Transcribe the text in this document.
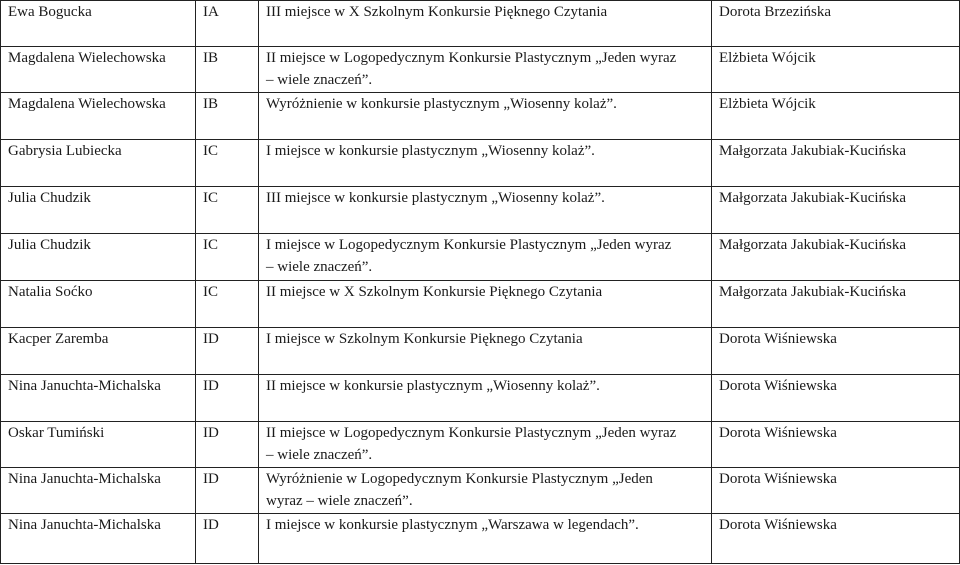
Ewa Bogucka	IA	III miejsce w X Szkolnym Konkursie Pięknego Czytania	Dorota Brzezińska
Magdalena Wielechowska	IB	II miejsce w Logopedycznym Konkursie Plastycznym „Jeden wyraz
– wiele znaczeń”.	Elżbieta Wójcik
Magdalena Wielechowska	IB	Wyróżnienie w konkursie plastycznym „Wiosenny kolaż”.	Elżbieta Wójcik
Gabrysia Lubiecka	IC	I miejsce w konkursie plastycznym „Wiosenny kolaż”.	Małgorzata Jakubiak-Kucińska
Julia Chudzik	IC	III miejsce w konkursie plastycznym „Wiosenny kolaż”.	Małgorzata Jakubiak-Kucińska
Julia Chudzik	IC	I miejsce w Logopedycznym Konkursie Plastycznym „Jeden wyraz
– wiele znaczeń”.	Małgorzata Jakubiak-Kucińska
Natalia Soćko	IC	II miejsce w X Szkolnym Konkursie Pięknego Czytania	Małgorzata Jakubiak-Kucińska
Kacper Zaremba	ID	I miejsce w Szkolnym Konkursie Pięknego Czytania	Dorota Wiśniewska
Nina Januchta-Michalska	ID	II miejsce w konkursie plastycznym „Wiosenny kolaż”.	Dorota Wiśniewska
Oskar Tumiński	ID	II miejsce w Logopedycznym Konkursie Plastycznym „Jeden wyraz
– wiele znaczeń”.	Dorota Wiśniewska
Nina Januchta-Michalska	ID	Wyróżnienie w Logopedycznym Konkursie Plastycznym „Jeden
wyraz – wiele znaczeń”.	Dorota Wiśniewska
Nina Januchta-Michalska	ID	I miejsce w konkursie plastycznym „Warszawa w legendach”.	Dorota Wiśniewska
